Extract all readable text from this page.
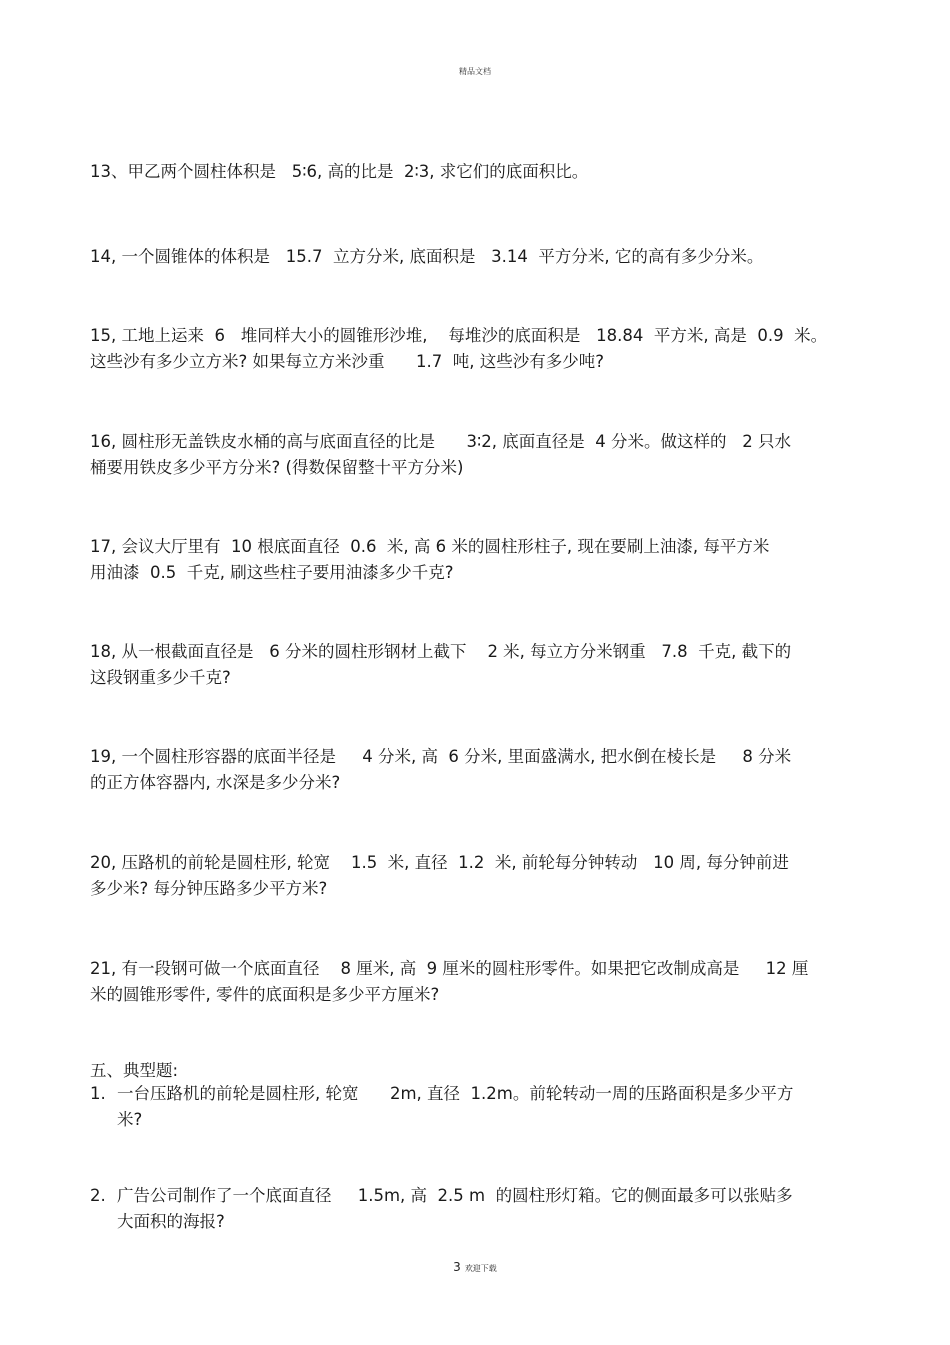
精品文档
13、甲乙两个圆柱体积是   5∶6, 高的比是  2∶3, 求它们的底面积比。
14, 一个圆锥体的体积是   15.7  立方分米, 底面积是   3.14  平方分米, 它的高有多少分米。
15, 工地上运来  6   堆同样大小的圆锥形沙堆,    每堆沙的底面积是   18.84  平方米, 高是  0.9  米。
这些沙有多少立方米? 如果每立方米沙重      1.7  吨, 这些沙有多少吨?
16, 圆柱形无盖铁皮水桶的高与底面直径的比是      3∶2, 底面直径是  4 分米。做这样的   2 只水
桶要用铁皮多少平方分米? (得数保留整十平方分米)
17, 会议大厅里有  10 根底面直径  0.6  米, 高 6 米的圆柱形柱子, 现在要刷上油漆, 每平方米
用油漆  0.5  千克, 刷这些柱子要用油漆多少千克?
18, 从一根截面直径是   6 分米的圆柱形钢材上截下    2 米, 每立方分米钢重   7.8  千克, 截下的
这段钢重多少千克?
19, 一个圆柱形容器的底面半径是     4 分米, 高  6 分米, 里面盛满水, 把水倒在棱长是     8 分米
的正方体容器内, 水深是多少分米?
20, 压路机的前轮是圆柱形, 轮宽    1.5  米, 直径  1.2  米, 前轮每分钟转动   10 周, 每分钟前进
多少米? 每分钟压路多少平方米?
21, 有一段钢可做一个底面直径    8 厘米, 高  9 厘米的圆柱形零件。如果把它改制成高是     12 厘
米的圆锥形零件, 零件的底面积是多少平方厘米?
五、典型题:
1. 一台压路机的前轮是圆柱形, 轮宽      2m, 直径  1.2m。前轮转动一周的压路面积是多少平方
米?
2. 广告公司制作了一个底面直径     1.5m, 高  2.5 m  的圆柱形灯箱。它的侧面最多可以张贴多
大面积的海报?
3 欢迎下载
